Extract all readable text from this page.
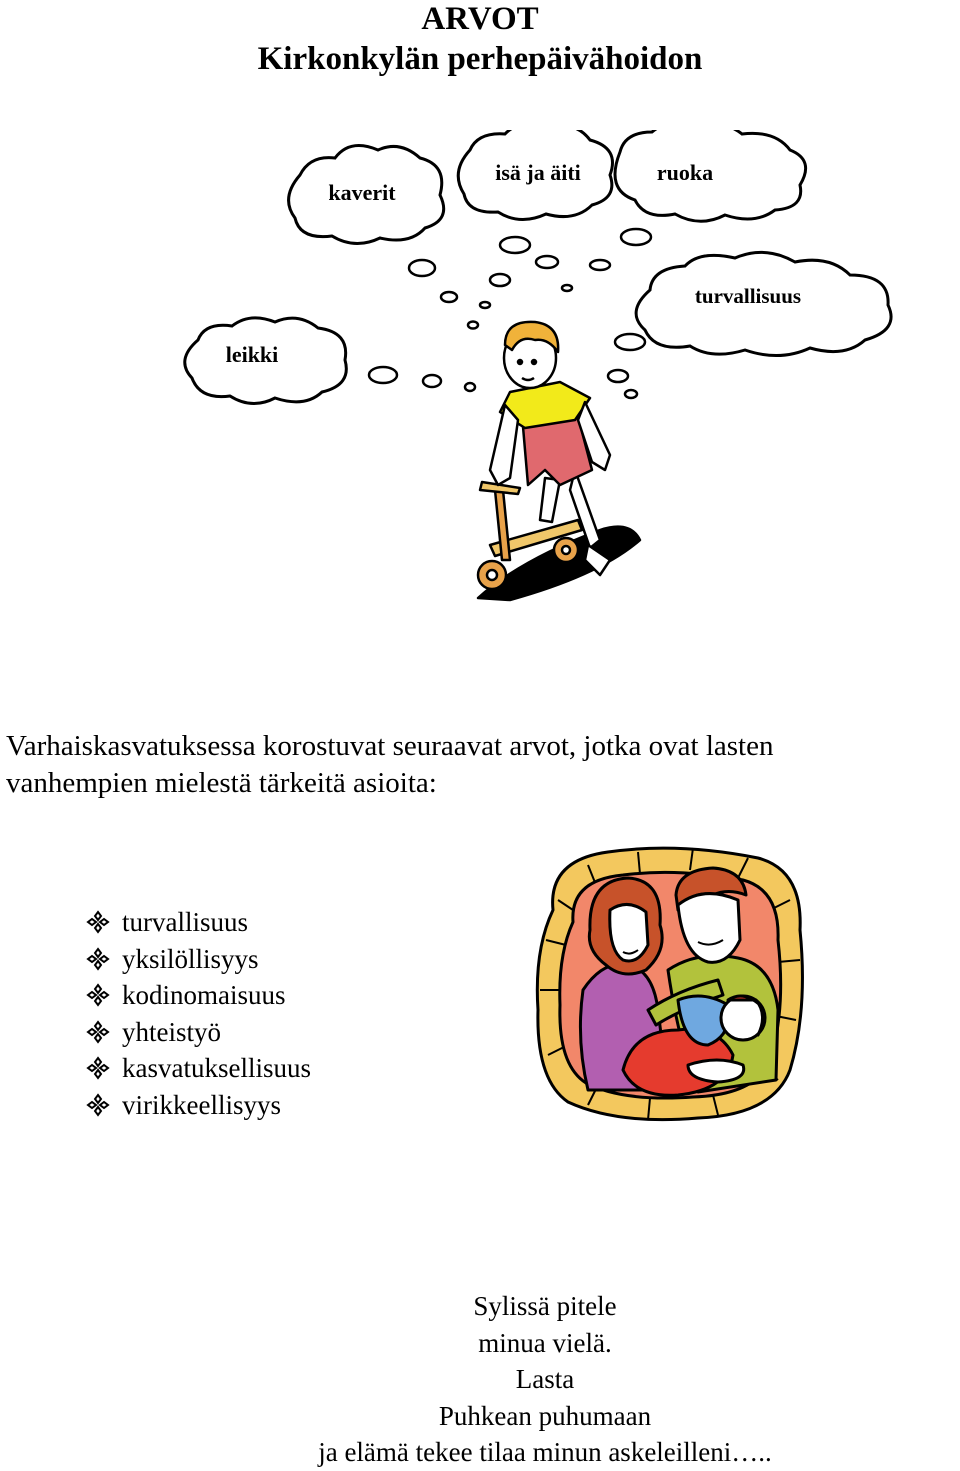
ARVOT
Kirkonkylän perhepäivähoidon
kaverit
isä ja äiti	ruoka
turvallisuus
leikki
Varhaiskasvatuksessa korostuvat seuraavat arvot, jotka ovat lasten
vanhempien mielestä tärkeitä asioita:
turvallisuus
yksilöllisyys
kodinomaisuus
yhteistyö
kasvatuksellisuus
virikkeellisyys
Sylissä pitele
minua vielä.
Lasta
Puhkean puhumaan
ja elämä tekee tilaa minun askeleilleni…..
